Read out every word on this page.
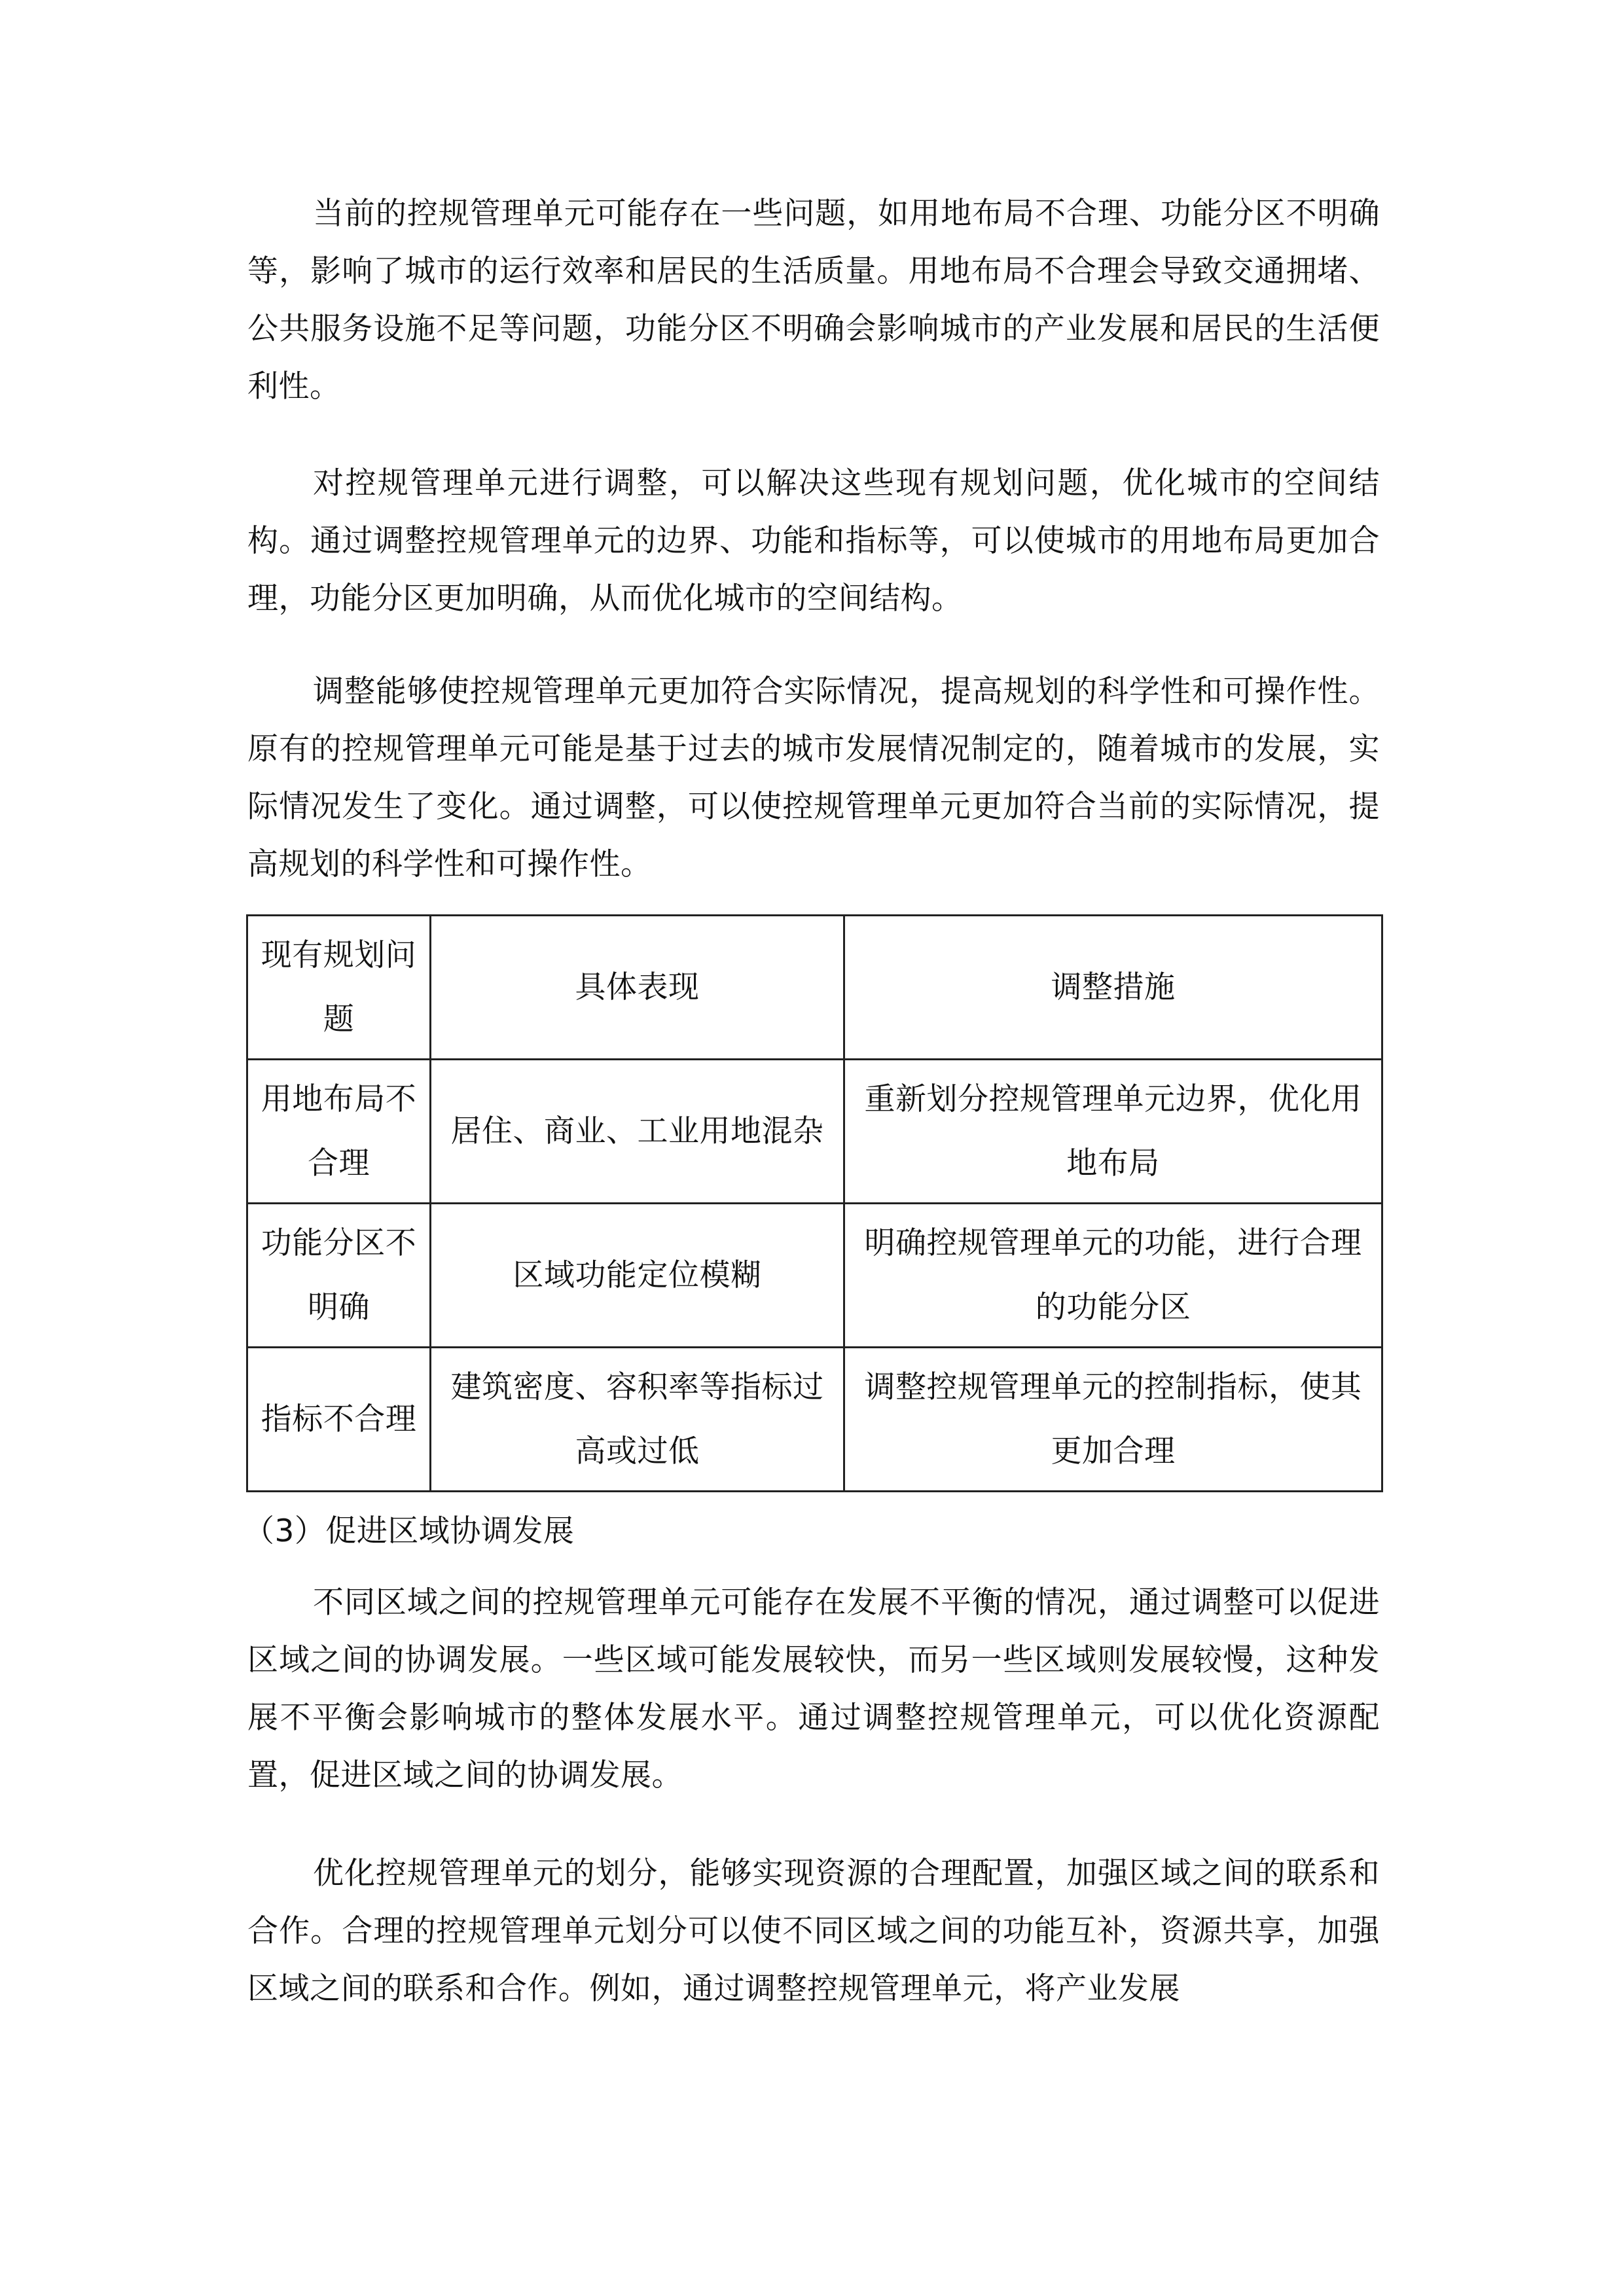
当前的控规管理单元可能存在一些问题，如用地布局不合理、功能分区不明确等，影响了城市的运行效率和居民的生活质量。用地布局不合理会导致交通拥堵、公共服务设施不足等问题，功能分区不明确会影响城市的产业发展和居民的生活便利性。

对控规管理单元进行调整，可以解决这些现有规划问题，优化城市的空间结构。通过调整控规管理单元的边界、功能和指标等，可以使城市的用地布局更加合理，功能分区更加明确，从而优化城市的空间结构。

调整能够使控规管理单元更加符合实际情况，提高规划的科学性和可操作性。原有的控规管理单元可能是基于过去的城市发展情况制定的，随着城市的发展，实际情况发生了变化。通过调整，可以使控规管理单元更加符合当前的实际情况，提高规划的科学性和可操作性。

现有规划问题	具体表现	调整措施
用地布局不合理	居住、商业、工业用地混杂	重新划分控规管理单元边界，优化用地布局
功能分区不明确	区域功能定位模糊	明确控规管理单元的功能，进行合理的功能分区
指标不合理	建筑密度、容积率等指标过高或过低	调整控规管理单元的控制指标，使其更加合理

（3）促进区域协调发展

不同区域之间的控规管理单元可能存在发展不平衡的情况，通过调整可以促进区域之间的协调发展。一些区域可能发展较快，而另一些区域则发展较慢，这种发展不平衡会影响城市的整体发展水平。通过调整控规管理单元，可以优化资源配置，促进区域之间的协调发展。

优化控规管理单元的划分，能够实现资源的合理配置，加强区域之间的联系和合作。合理的控规管理单元划分可以使不同区域之间的功能互补，资源共享，加强区域之间的联系和合作。例如，通过调整控规管理单元，将产业发展
